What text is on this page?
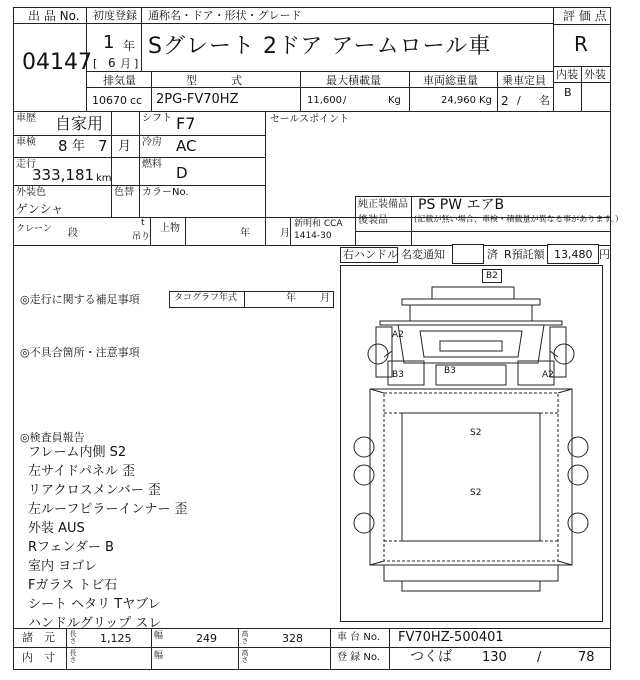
出 品 No.
04147
初度登録
1 年
[ 6 月 ]
通称名・ドア・形状・グレード
Sグレート 2ドア アームロール車
評 価 点
R
内装 外装
B
排気量
10670 cc
型　　式
2PG-FV70HZ
最大積載量
11,600 /	Kg
車両総重量
24,960 Kg
乗車定員
2 / 名
車歴 自家用	シフト F7
車検 8 年 7 月 冷房 AC
走行
333,181 km
燃料 D
外装色
ゲンシャ
色替 カラーNo.
セールスポイント
純正装備品 PS PW エアB
後装品	(記載が無い場合、車検・積載量が異なる事があります。）
クレーン 段
t
吊り
上物	年	月
新明和 CCA
1414-30
右ハンドル 名変通知	済 R預託額 13,480 円
◎走行に関する補足事項	タコグラフ年式	年 月
◎不具合箇所・注意事項
◎検査員報告
フレーム内側 S2
左サイドパネル 歪
リアクロスメンバー 歪
左ルーフピラーインナー 歪
外装 AUS
Rフェンダー B
室内 ヨゴレ
Fガラス トビ石
シート ヘタリ Tヤブレ
ハンドルグリップ スレ
B2
A2
A2
B3	B3
S2
S2
諸　元 長さ 1,125	幅	249	高さ	328
内　寸 長さ	幅	高さ
車 台 No. FV70HZ-500401
登 録 No. つくば 130 /	78
